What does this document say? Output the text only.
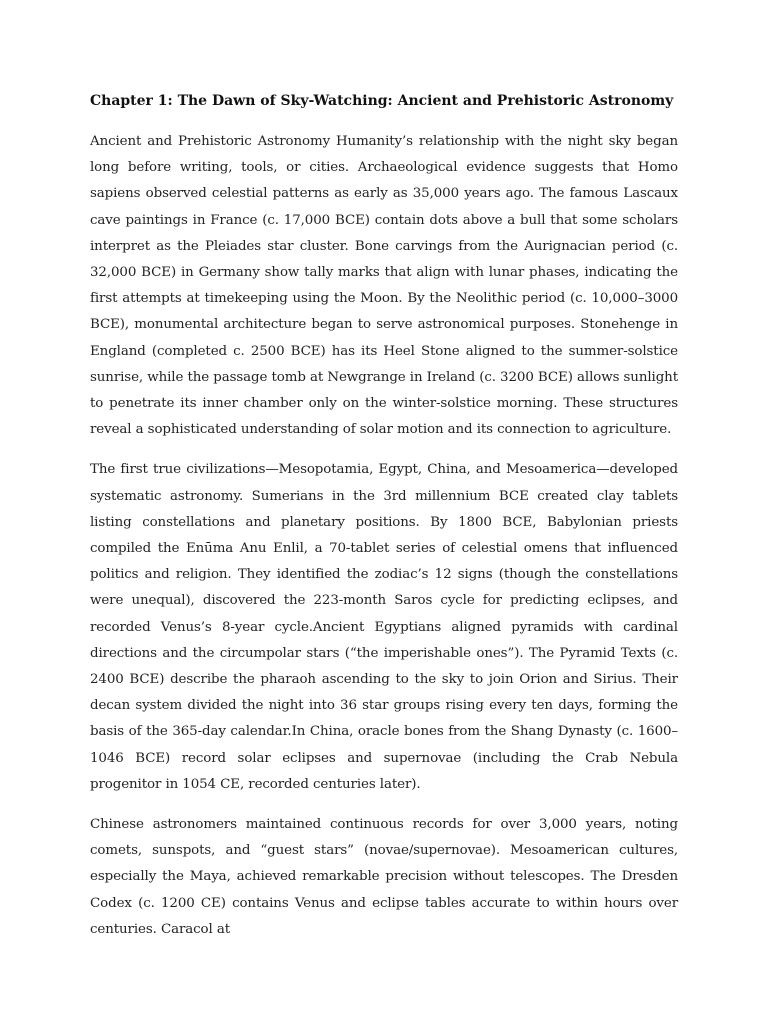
Chapter 1: The Dawn of Sky-Watching: Ancient and Prehistoric Astronomy

Ancient and Prehistoric Astronomy Humanity’s relationship with the night sky began long before writing, tools, or cities. Archaeological evidence suggests that Homo sapiens observed celestial patterns as early as 35,000 years ago. The famous Lascaux cave paintings in France (c. 17,000 BCE) contain dots above a bull that some scholars interpret as the Pleiades star cluster. Bone carvings from the Aurignacian period (c. 32,000 BCE) in Germany show tally marks that align with lunar phases, indicating the first attempts at timekeeping using the Moon. By the Neolithic period (c. 10,000–3000 BCE), monumental architecture began to serve astronomical purposes. Stonehenge in England (completed c. 2500 BCE) has its Heel Stone aligned to the summer-solstice sunrise, while the passage tomb at Newgrange in Ireland (c. 3200 BCE) allows sunlight to penetrate its inner chamber only on the winter-solstice morning. These structures reveal a sophisticated understanding of solar motion and its connection to agriculture.

The first true civilizations—Mesopotamia, Egypt, China, and Mesoamerica—developed systematic astronomy. Sumerians in the 3rd millennium BCE created clay tablets listing constellations and planetary positions. By 1800 BCE, Babylonian priests compiled the Enūma Anu Enlil, a 70-tablet series of celestial omens that influenced politics and religion. They identified the zodiac’s 12 signs (though the constellations were unequal), discovered the 223-month Saros cycle for predicting eclipses, and recorded Venus’s 8-year cycle.Ancient Egyptians aligned pyramids with cardinal directions and the circumpolar stars (“the imperishable ones”). The Pyramid Texts (c. 2400 BCE) describe the pharaoh ascending to the sky to join Orion and Sirius. Their decan system divided the night into 36 star groups rising every ten days, forming the basis of the 365-day calendar.In China, oracle bones from the Shang Dynasty (c. 1600–1046 BCE) record solar eclipses and supernovae (including the Crab Nebula progenitor in 1054 CE, recorded centuries later).

Chinese astronomers maintained continuous records for over 3,000 years, noting comets, sunspots, and “guest stars” (novae/supernovae). Mesoamerican cultures, especially the Maya, achieved remarkable precision without telescopes. The Dresden Codex (c. 1200 CE) contains Venus and eclipse tables accurate to within hours over centuries. Caracol at
